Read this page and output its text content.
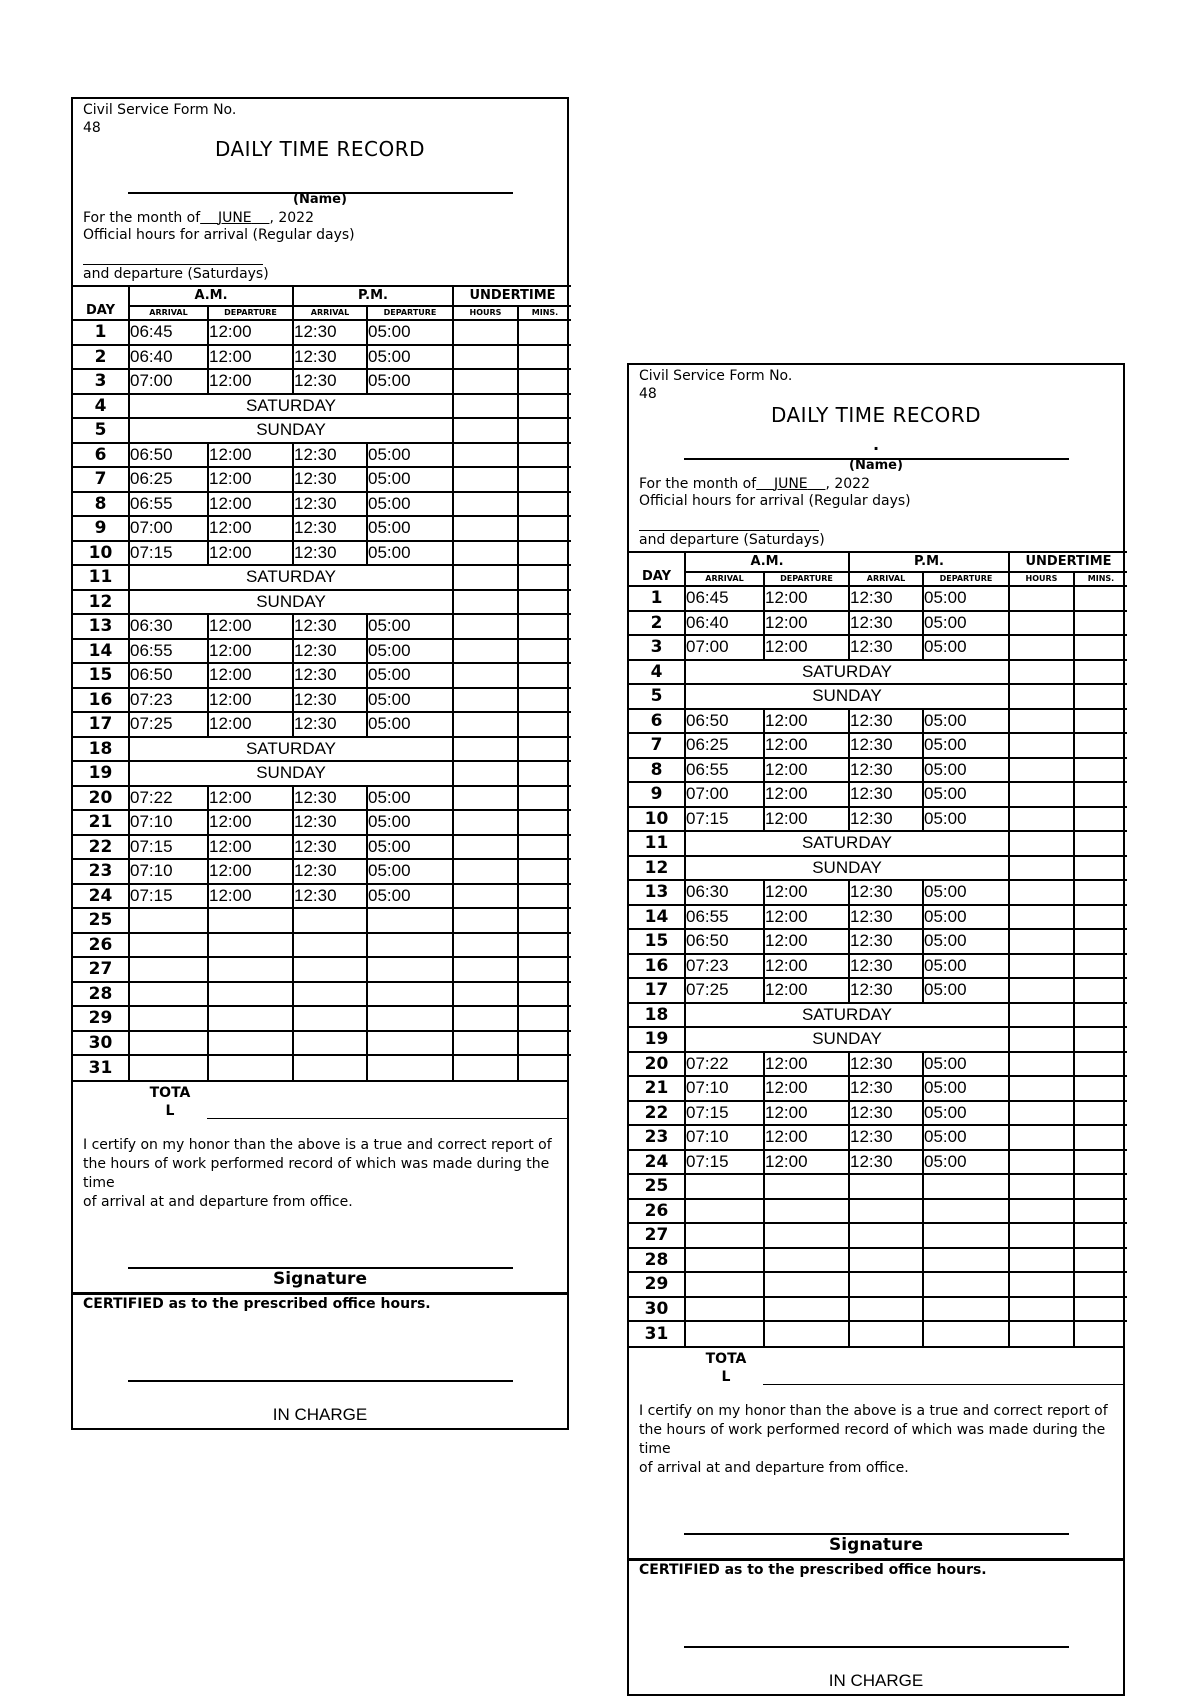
Civil Service Form No.
48
DAILY TIME RECORD
(Name)
For the month of JUNE , 2022
Official hours for arrival (Regular days)
and departure (Saturdays)
DAY	A.M.		P.M.		UNDERTIME	
	ARRIVAL	DEPARTURE	ARRIVAL	DEPARTURE	HOURS	MINS.
1	06:45	12:00	12:30	05:00		
2	06:40	12:00	12:30	05:00		
3	07:00	12:00	12:30	05:00		
4	SATURDAY					
5	SUNDAY					
6	06:50	12:00	12:30	05:00		
7	06:25	12:00	12:30	05:00		
8	06:55	12:00	12:30	05:00		
9	07:00	12:00	12:30	05:00		
10	07:15	12:00	12:30	05:00		
11	SATURDAY					
12	SUNDAY					
13	06:30	12:00	12:30	05:00		
14	06:55	12:00	12:30	05:00		
15	06:50	12:00	12:30	05:00		
16	07:23	12:00	12:30	05:00		
17	07:25	12:00	12:30	05:00		
18	SATURDAY					
19	SUNDAY					
20	07:22	12:00	12:30	05:00		
21	07:10	12:00	12:30	05:00		
22	07:15	12:00	12:30	05:00		
23	07:10	12:00	12:30	05:00		
24	07:15	12:00	12:30	05:00		
25						
26						
27						
28						
29						
30						
31						
TOTA
L
I certify on my honor than the above is a true and correct report of
the hours of work performed record of which was made during the time
of arrival at and departure from office.
Signature
CERTIFIED as to the prescribed office hours.
IN CHARGE
Civil Service Form No.
48
DAILY TIME RECORD
.
(Name)
For the month of JUNE , 2022
Official hours for arrival (Regular days)
and departure (Saturdays)
DAY	A.M.		P.M.		UNDERTIME	
	ARRIVAL	DEPARTURE	ARRIVAL	DEPARTURE	HOURS	MINS.
1	06:45	12:00	12:30	05:00		
2	06:40	12:00	12:30	05:00		
3	07:00	12:00	12:30	05:00		
4	SATURDAY					
5	SUNDAY					
6	06:50	12:00	12:30	05:00		
7	06:25	12:00	12:30	05:00		
8	06:55	12:00	12:30	05:00		
9	07:00	12:00	12:30	05:00		
10	07:15	12:00	12:30	05:00		
11	SATURDAY					
12	SUNDAY					
13	06:30	12:00	12:30	05:00		
14	06:55	12:00	12:30	05:00		
15	06:50	12:00	12:30	05:00		
16	07:23	12:00	12:30	05:00		
17	07:25	12:00	12:30	05:00		
18	SATURDAY					
19	SUNDAY					
20	07:22	12:00	12:30	05:00		
21	07:10	12:00	12:30	05:00		
22	07:15	12:00	12:30	05:00		
23	07:10	12:00	12:30	05:00		
24	07:15	12:00	12:30	05:00		
25						
26						
27						
28						
29						
30						
31						
TOTA
L
I certify on my honor than the above is a true and correct report of
the hours of work performed record of which was made during the time
of arrival at and departure from office.
Signature
CERTIFIED as to the prescribed office hours.
IN CHARGE
